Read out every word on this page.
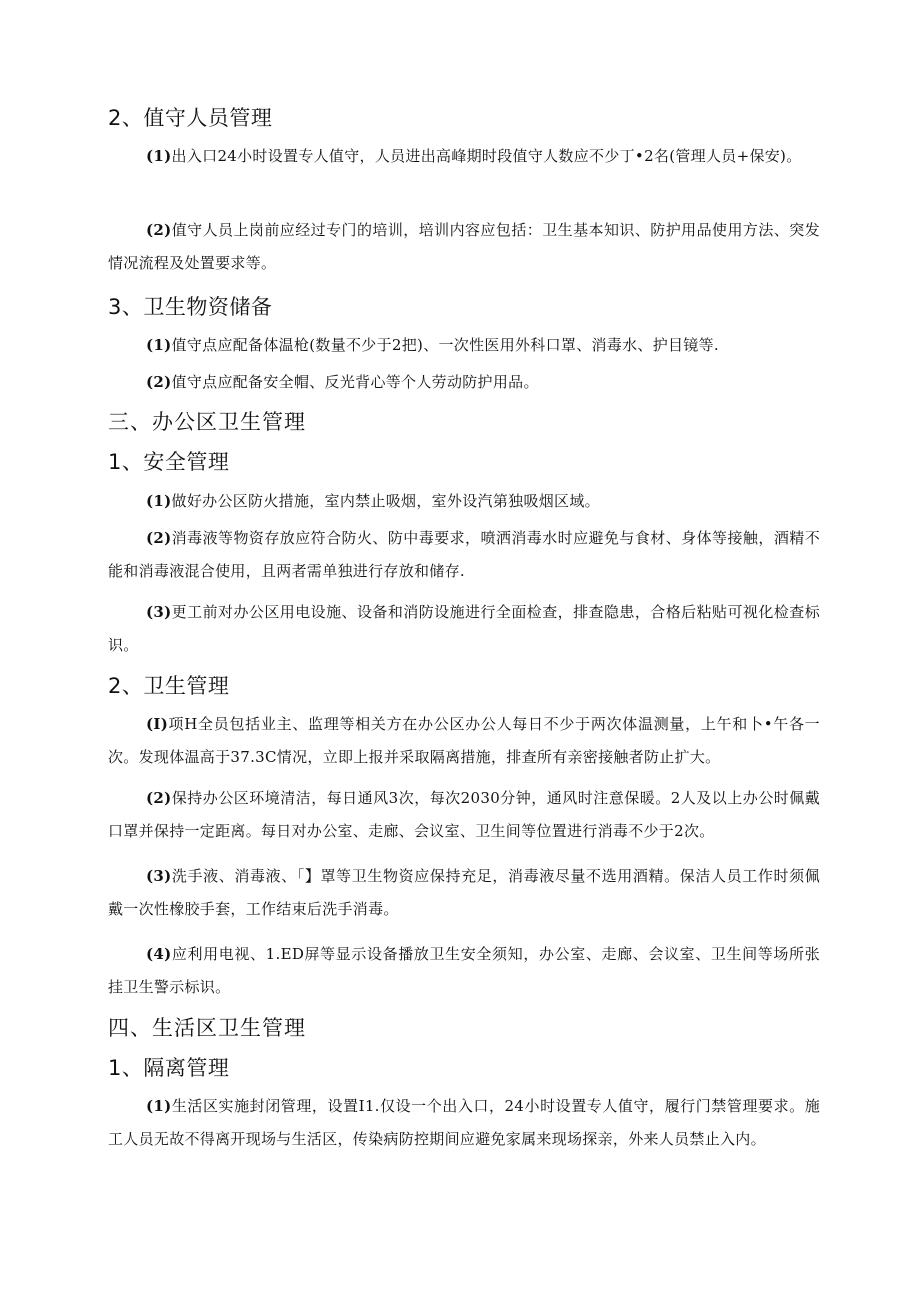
2、值守人员管理
(1)出入口24小时设置专人值守，人员进出高峰期时段值守人数应不少丁•2名(管理人员+保安)。
(2)值守人员上岗前应经过专门的培训，培训内容应包括：卫生基本知识、防护用品使用方法、突发情况流程及处置要求等。
3、卫生物资储备
(1)值守点应配备体温枪(数量不少于2把)、一次性医用外科口罩、消毒水、护目镜等.
(2)值守点应配备安全帽、反光背心等个人劳动防护用品。
三、办公区卫生管理
1、安全管理
(1)做好办公区防火措施，室内禁止吸烟，室外设汽第独吸烟区域。
(2)消毒液等物资存放应符合防火、防中毒要求，喷洒消毒水时应避免与食材、身体等接触，酒精不能和消毒液混合使用，且两者需单独进行存放和储存.
(3)更工前对办公区用电设施、设备和消防设施进行全面检查，排查隐患，合格后粘贴可视化检查标识。
2、卫生管理
(I)项H全员包括业主、监理等相关方在办公区办公人每日不少于两次体温测量，上午和卜•午各一次。发现体温高于37.3C情况，立即上报并采取隔离措施，排查所有亲密接触者防止扩大。
(2)保持办公区环境清洁，每日通风3次，每次2030分钟，通风时注意保暖。2人及以上办公时佩戴口罩并保持一定距离。每日对办公室、走廊、会议室、卫生间等位置进行消毒不少于2次。
(3)洗手液、消毒液、「】罩等卫生物资应保持充足，消毒液尽量不选用酒精。保洁人员工作时须佩戴一次性橡胶手套，工作结束后洗手消毒。
(4)应利用电视、1.ED屏等显示设备播放卫生安全须知，办公室、走廊、会议室、卫生间等场所张挂卫生警示标识。
四、生活区卫生管理
1、隔离管理
(1)生活区实施封闭管理，设置I1.仅设一个出入口，24小时设置专人值守，履行门禁管理要求。施工人员无故不得离开现场与生活区，传染病防控期间应避免家属来现场探亲，外来人员禁止入内。
